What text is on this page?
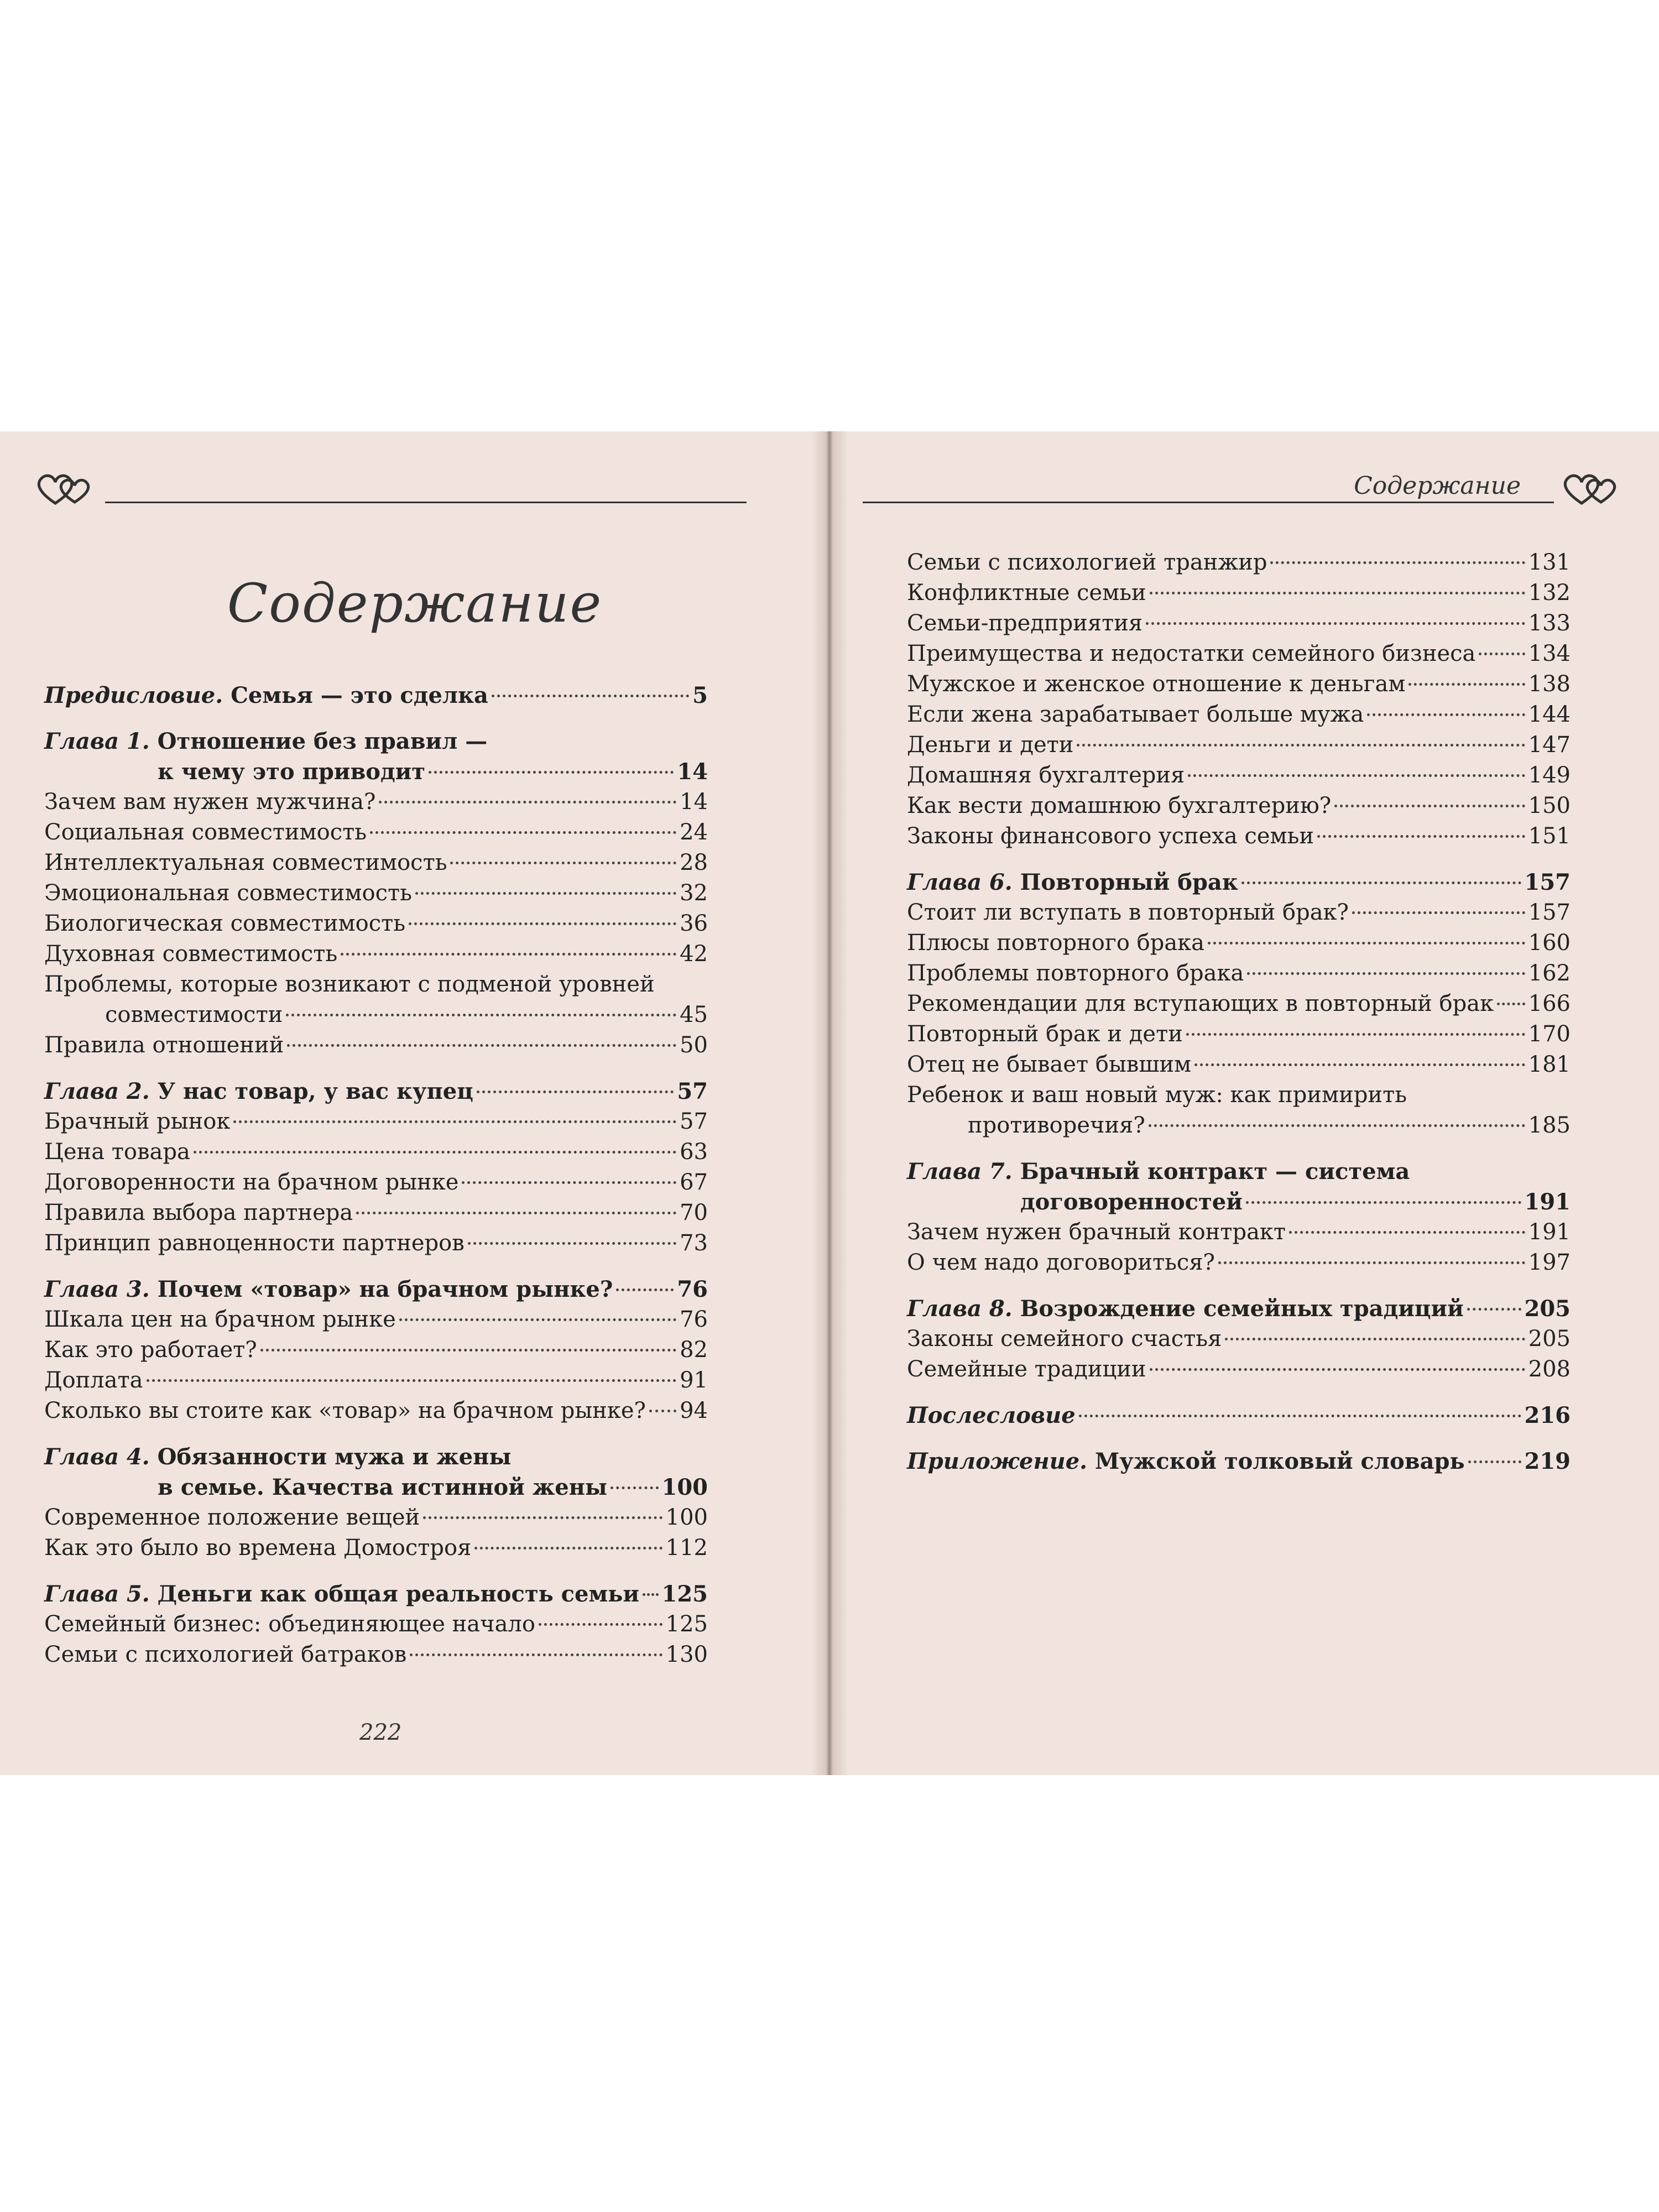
Содержание
Предисловие. Семья — это сделка	5
Глава 1. Отношение без правил —
к чему это приводит	14
Зачем вам нужен мужчина?	14
Социальная совместимость	24
Интеллектуальная совместимость	28
Эмоциональная совместимость	32
Биологическая совместимость	36
Духовная совместимость	42
Проблемы, которые возникают с подменой уровней
совместимости	45
Правила отношений	50
Глава 2. У нас товар, у вас купец	57
Брачный рынок	57
Цена товара	63
Договоренности на брачном рынке	67
Правила выбора партнера	70
Принцип равноценности партнеров	73
Глава 3. Почем «товар» на брачном рынке?	76
Шкала цен на брачном рынке	76
Как это работает?	82
Доплата	91
Сколько вы стоите как «товар» на брачном рынке? 94
Глава 4. Обязанности мужа и жены
в семье. Качества истинной жены 100
Современное положение вещей	100
Как это было во времена Домостроя	112
Глава 5. Деньги как общая реальность семьи 125
Семейный бизнес: объединяющее начало	125
Семьи с психологией батраков	130
222
Содержание
Семьи с психологией транжир	131
Конфликтные семьи	132
Семьи-предприятия	133
Преимущества и недостатки семейного бизнеса 134
Мужское и женское отношение к деньгам	138
Если жена зарабатывает больше мужа	144
Деньги и дети	147
Домашняя бухгалтерия	149
Как вести домашнюю бухгалтерию?	150
Законы финансового успеха семьи	151
Глава 6. Повторный брак	157
Стоит ли вступать в повторный брак?	157
Плюсы повторного брака	160
Проблемы повторного брака	162
Рекомендации для вступающих в повторный брак 166
Повторный брак и дети	170
Отец не бывает бывшим	181
Ребенок и ваш новый муж: как примирить
противоречия?	185
Глава 7. Брачный контракт — система
договоренностей	191
Зачем нужен брачный контракт	191
О чем надо договориться?	197
Глава 8. Возрождение семейных традиций	205
Законы семейного счастья	205
Семейные традиции	208
Послесловие	216
Приложение. Мужской толковый словарь	219
